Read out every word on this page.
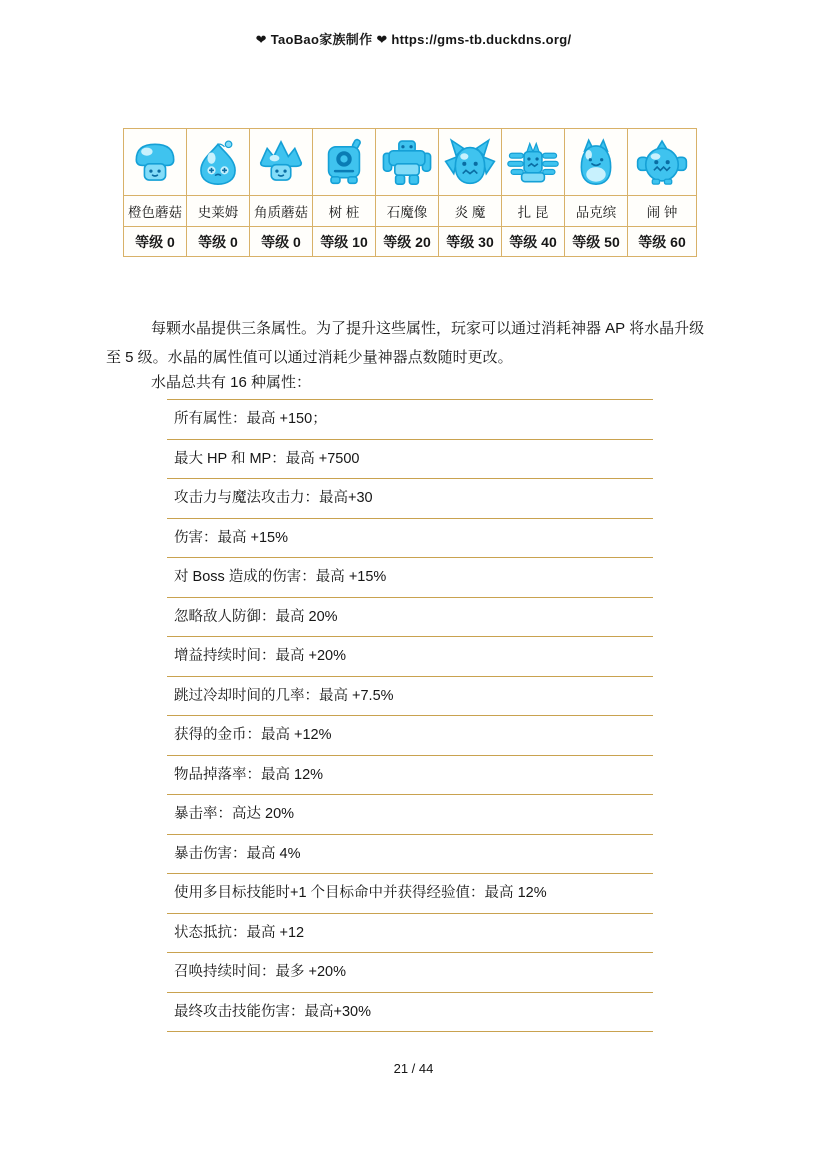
❤ TaoBao家族制作 ❤ https://gms-tb.duckdns.org/

橙色蘑菇	史莱姆	角质蘑菇	树 桩	石魔像	炎 魔	扎 昆	品克缤	闹 钟
等级 0	等级 0	等级 0	等级 10	等级 20	等级 30	等级 40	等级 50	等级 60

每颗水晶提供三条属性。为了提升这些属性，玩家可以通过消耗神器 AP 将水晶升级至 5 级。水晶的属性值可以通过消耗少量神器点数随时更改。

水晶总共有 16 种属性：

所有属性：最高 +150；
最大 HP 和 MP：最高 +7500
攻击力与魔法攻击力：最高+30
伤害：最高 +15%
对 Boss 造成的伤害：最高 +15%
忽略敌人防御：最高 20%
增益持续时间：最高 +20%
跳过冷却时间的几率：最高 +7.5%
获得的金币：最高 +12%
物品掉落率：最高 12%
暴击率：高达 20%
暴击伤害：最高 4%
使用多目标技能时+1 个目标命中并获得经验值：最高 12%
状态抵抗：最高 +12
召唤持续时间：最多 +20%
最终攻击技能伤害：最高+30%
21 / 44
